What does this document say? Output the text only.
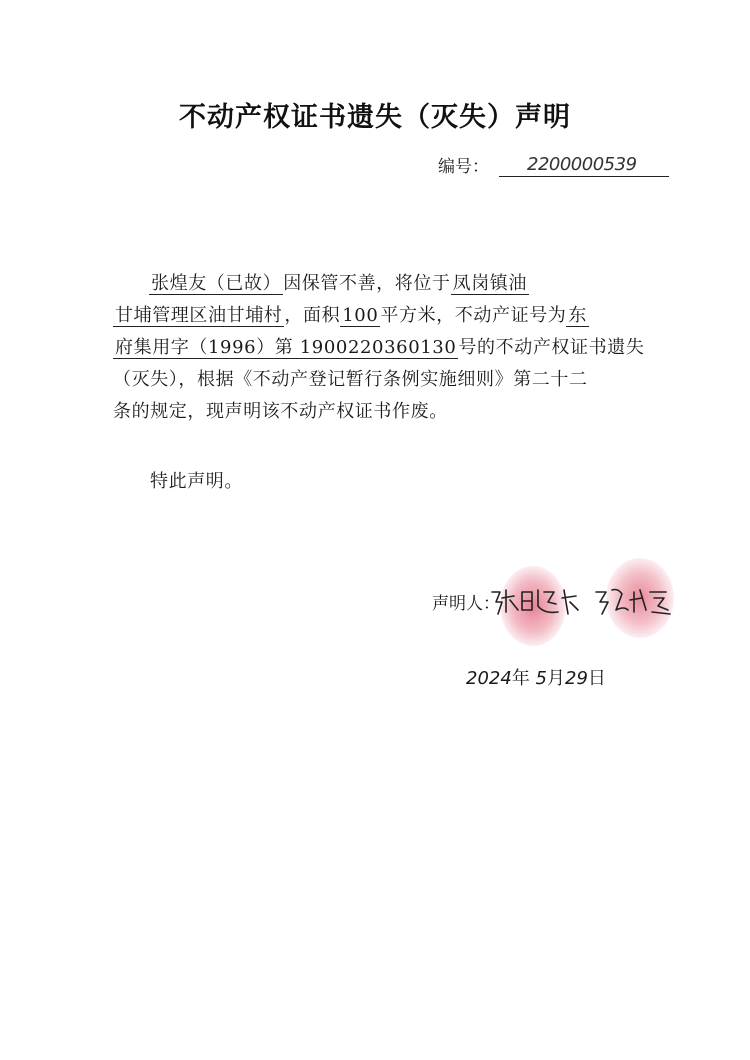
不动产权证书遗失（灭失）声明
编号：	2200000539
张煌友（已故） 因保管不善，将位于 凤岗镇油
甘埔管理区油甘埔村 ，面积 100 平方米，不动产证号为 东
府集用字（1996）第 1900220360130 号的不动产权证书遗失
（灭失），根据《不动产登记暂行条例实施细则》第二十二
条的规定，现声明该不动产权证书作废。
特此声明。
声明人：
2024年 5月29日
